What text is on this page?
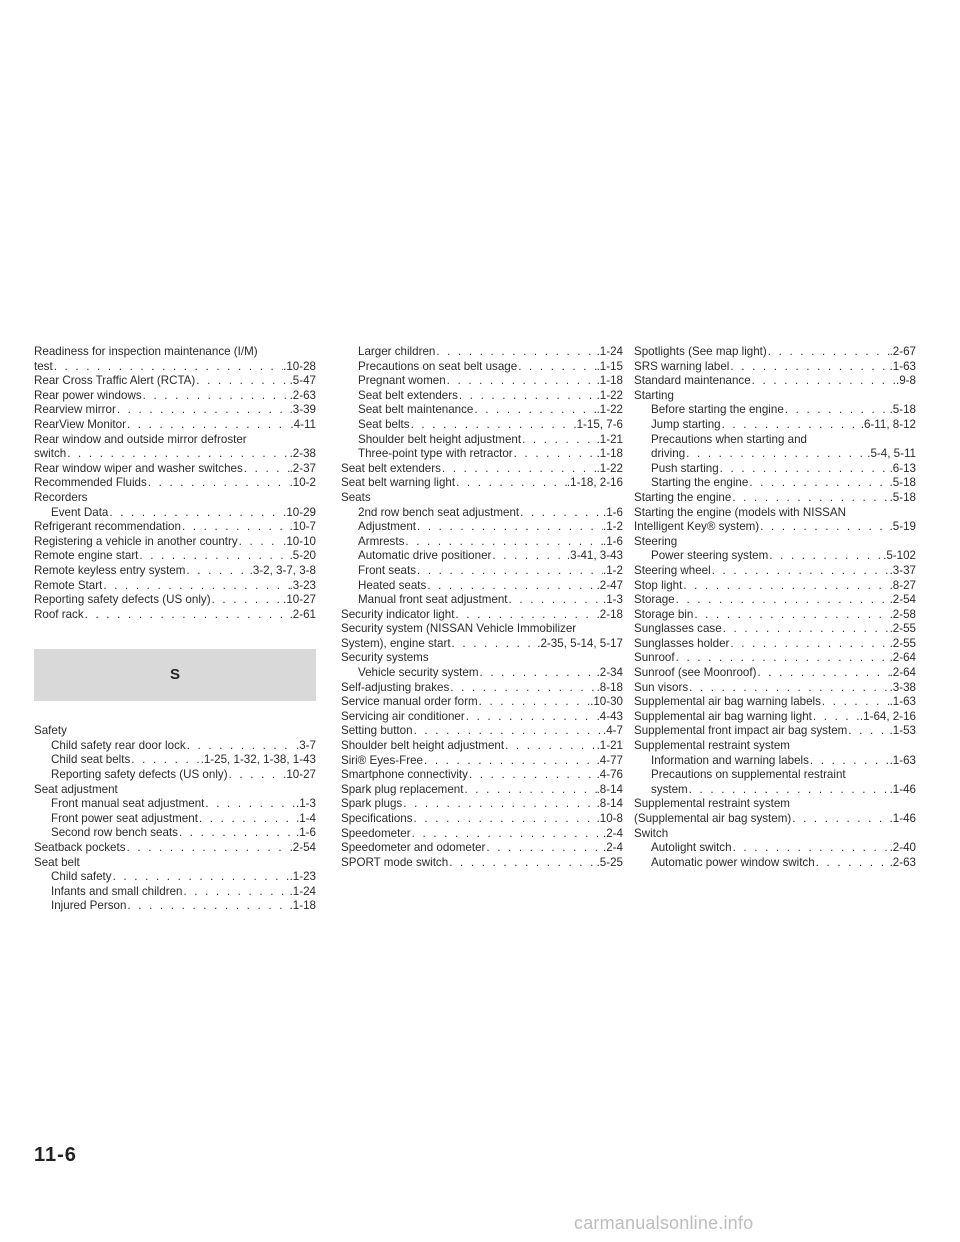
Readiness for inspection maintenance (I/M)
test . . .	.10-28
Rear Cross Traffic Alert (RCTA) . . .	.5-47
Rear power windows . . .	.2-63
Rearview mirror . . .	.3-39
RearView Monitor . . .	.4-11
Rear window and outside mirror defroster
switch . . .	.2-38
Rear window wiper and washer switches . . .	.2-37
Recommended Fluids . . .	.10-2
Recorders
Event Data . . .	.10-29
Refrigerant recommendation . . .	.10-7
Registering a vehicle in another country . . .	.10-10
Remote engine start . . .	.5-20
Remote keyless entry system . . .	.3-2, 3-7, 3-8
Remote Start . . .	.3-23
Reporting safety defects (US only) . . .	.10-27
Roof rack . . .	.2-61
S
Safety
Child safety rear door lock . . .	.3-7
Child seat belts . . .	.1-25, 1-32, 1-38, 1-43
Reporting safety defects (US only) . . .	.10-27
Seat adjustment
Front manual seat adjustment . . .	.1-3
Front power seat adjustment . . .	.1-4
Second row bench seats . . .	.1-6
Seatback pockets . . .	.2-54
Seat belt
Child safety . . .	.1-23
Infants and small children . . .	.1-24
Injured Person . . .	.1-18
Larger children . . .	.1-24
Precautions on seat belt usage . . .	.1-15
Pregnant women . . .	.1-18
Seat belt extenders . . .	.1-22
Seat belt maintenance . . .	.1-22
Seat belts . . .	.1-15, 7-6
Shoulder belt height adjustment . . .	.1-21
Three-point type with retractor . . .	.1-18
Seat belt extenders . . .	.1-22
Seat belt warning light . . .	.1-18, 2-16
Seats
2nd row bench seat adjustment . . .	.1-6
Adjustment . . .	.1-2
Armrests . . .	.1-6
Automatic drive positioner . . .	.3-41, 3-43
Front seats . . .	.1-2
Heated seats . . .	.2-47
Manual front seat adjustment . . .	.1-3
Security indicator light . . .	.2-18
Security system (NISSAN Vehicle Immobilizer
System), engine start . . .	.2-35, 5-14, 5-17
Security systems
Vehicle security system . . .	.2-34
Self-adjusting brakes . . .	.8-18
Service manual order form . . .	.10-30
Servicing air conditioner . . .	.4-43
Setting button . . .	.4-7
Shoulder belt height adjustment . . .	.1-21
Siri® Eyes-Free . . .	.4-77
Smartphone connectivity . . .	.4-76
Spark plug replacement . . .	.8-14
Spark plugs . . .	.8-14
Specifications . . .	.10-8
Speedometer . . .	.2-4
Speedometer and odometer . . .	.2-4
SPORT mode switch . . .	.5-25
Spotlights (See map light) . . .	.2-67
SRS warning label . . .	.1-63
Standard maintenance . . .	.9-8
Starting
Before starting the engine . . .	.5-18
Jump starting . . .	.6-11, 8-12
Precautions when starting and
driving . . .	.5-4, 5-11
Push starting . . .	.6-13
Starting the engine . . .	.5-18
Starting the engine . . .	.5-18
Starting the engine (models with NISSAN
Intelligent Key® system) . . .	.5-19
Steering
Power steering system . . .	.5-102
Steering wheel . . .	.3-37
Stop light . . .	.8-27
Storage . . .	.2-54
Storage bin . . .	.2-58
Sunglasses case . . .	.2-55
Sunglasses holder . . .	.2-55
Sunroof . . .	.2-64
Sunroof (see Moonroof) . . .	.2-64
Sun visors . . .	.3-38
Supplemental air bag warning labels . . .	.1-63
Supplemental air bag warning light . . .	.1-64, 2-16
Supplemental front impact air bag system . . .	.1-53
Supplemental restraint system
Information and warning labels . . .	.1-63
Precautions on supplemental restraint
system . . .	.1-46
Supplemental restraint system
(Supplemental air bag system) . . .	.1-46
Switch
Autolight switch . . .	.2-40
Automatic power window switch . . .	.2-63
11-6
carmanualsonline.info
